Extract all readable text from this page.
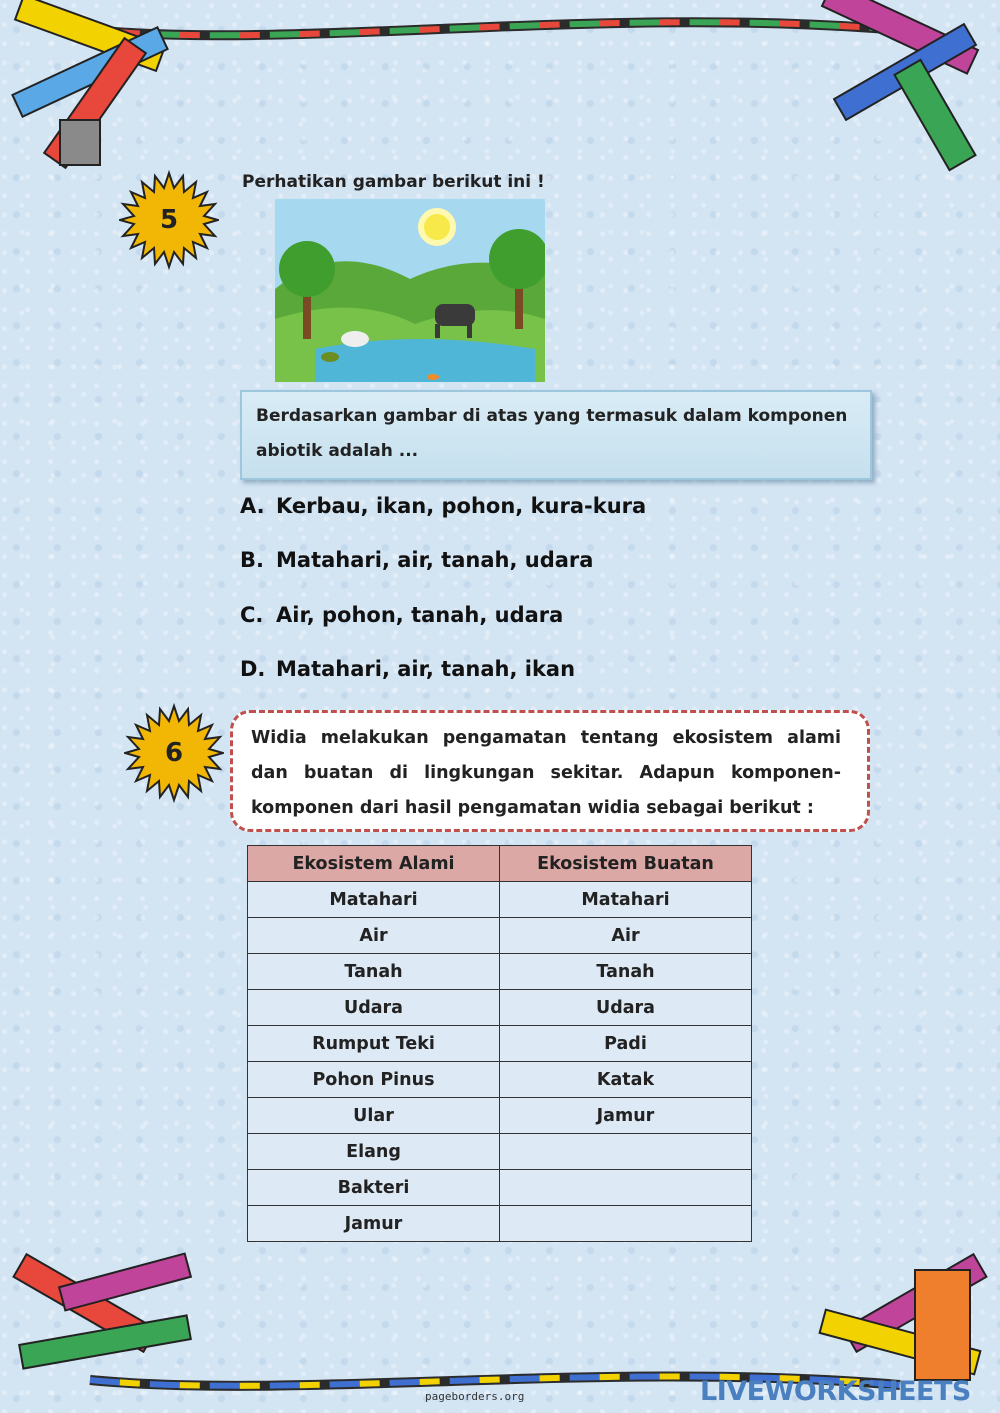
5
Perhatikan gambar berikut ini !
Berdasarkan gambar di atas yang termasuk dalam komponen abiotik adalah ...
A. Kerbau, ikan, pohon, kura-kura
B. Matahari, air, tanah, udara
C. Air, pohon, tanah, udara
D. Matahari, air, tanah, ikan
6	Widia melakukan pengamatan tentang ekosistem alami dan buatan di lingkungan sekitar. Adapun komponen-komponen dari hasil pengamatan widia sebagai berikut :
Ekosistem Alami	Ekosistem Buatan
Matahari	Matahari
Air	Air
Tanah	Tanah
Udara	Udara
Rumput Teki	Padi
Pohon Pinus	Katak
Ular	Jamur
Elang	
Bakteri	
Jamur	
pageborders.org	LIVEWORKSHEETS
